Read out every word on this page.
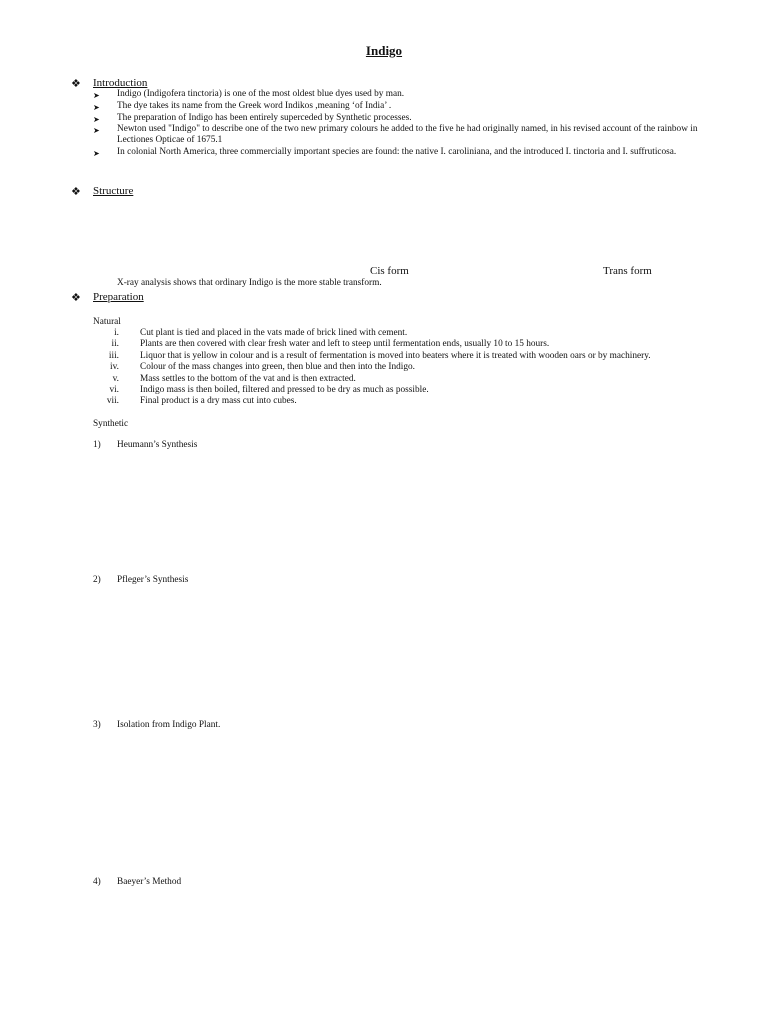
Indigo
❖ Introduction
➤ Indigo (Indigofera tinctoria) is one of the most oldest blue dyes used by man.
➤ The dye takes its name from the Greek word Indikos ,meaning ‘of India’ .
➤ The preparation of Indigo has been entirely superceded by Synthetic processes.
➤ Newton used "Indigo" to describe one of the two new primary colours he added to the five he had originally named, in his revised account of the rainbow in Lectiones Opticae of 1675.1
➤ In colonial North America, three commercially important species are found: the native I. caroliniana, and the introduced I. tinctoria and I. suffruticosa.
❖ Structure
Cis form	Trans form
X-ray analysis shows that ordinary Indigo is the more stable transform.
❖ Preparation
Natural
i. Cut plant is tied and placed in the vats made of brick lined with cement.
ii. Plants are then covered with clear fresh water and left to steep until fermentation ends, usually 10 to 15 hours.
iii. Liquor that is yellow in colour and is a result of fermentation is moved into beaters where it is treated with wooden oars or by machinery.
iv. Colour of the mass changes into green, then blue and then into the Indigo.
v. Mass settles to the bottom of the vat and is then extracted.
vi. Indigo mass is then boiled, filtered and pressed to be dry as much as possible.
vii. Final product is a dry mass cut into cubes.
Synthetic
1) Heumann’s Synthesis
2) Pfleger’s Synthesis
3) Isolation from Indigo Plant.
4) Baeyer’s Method
